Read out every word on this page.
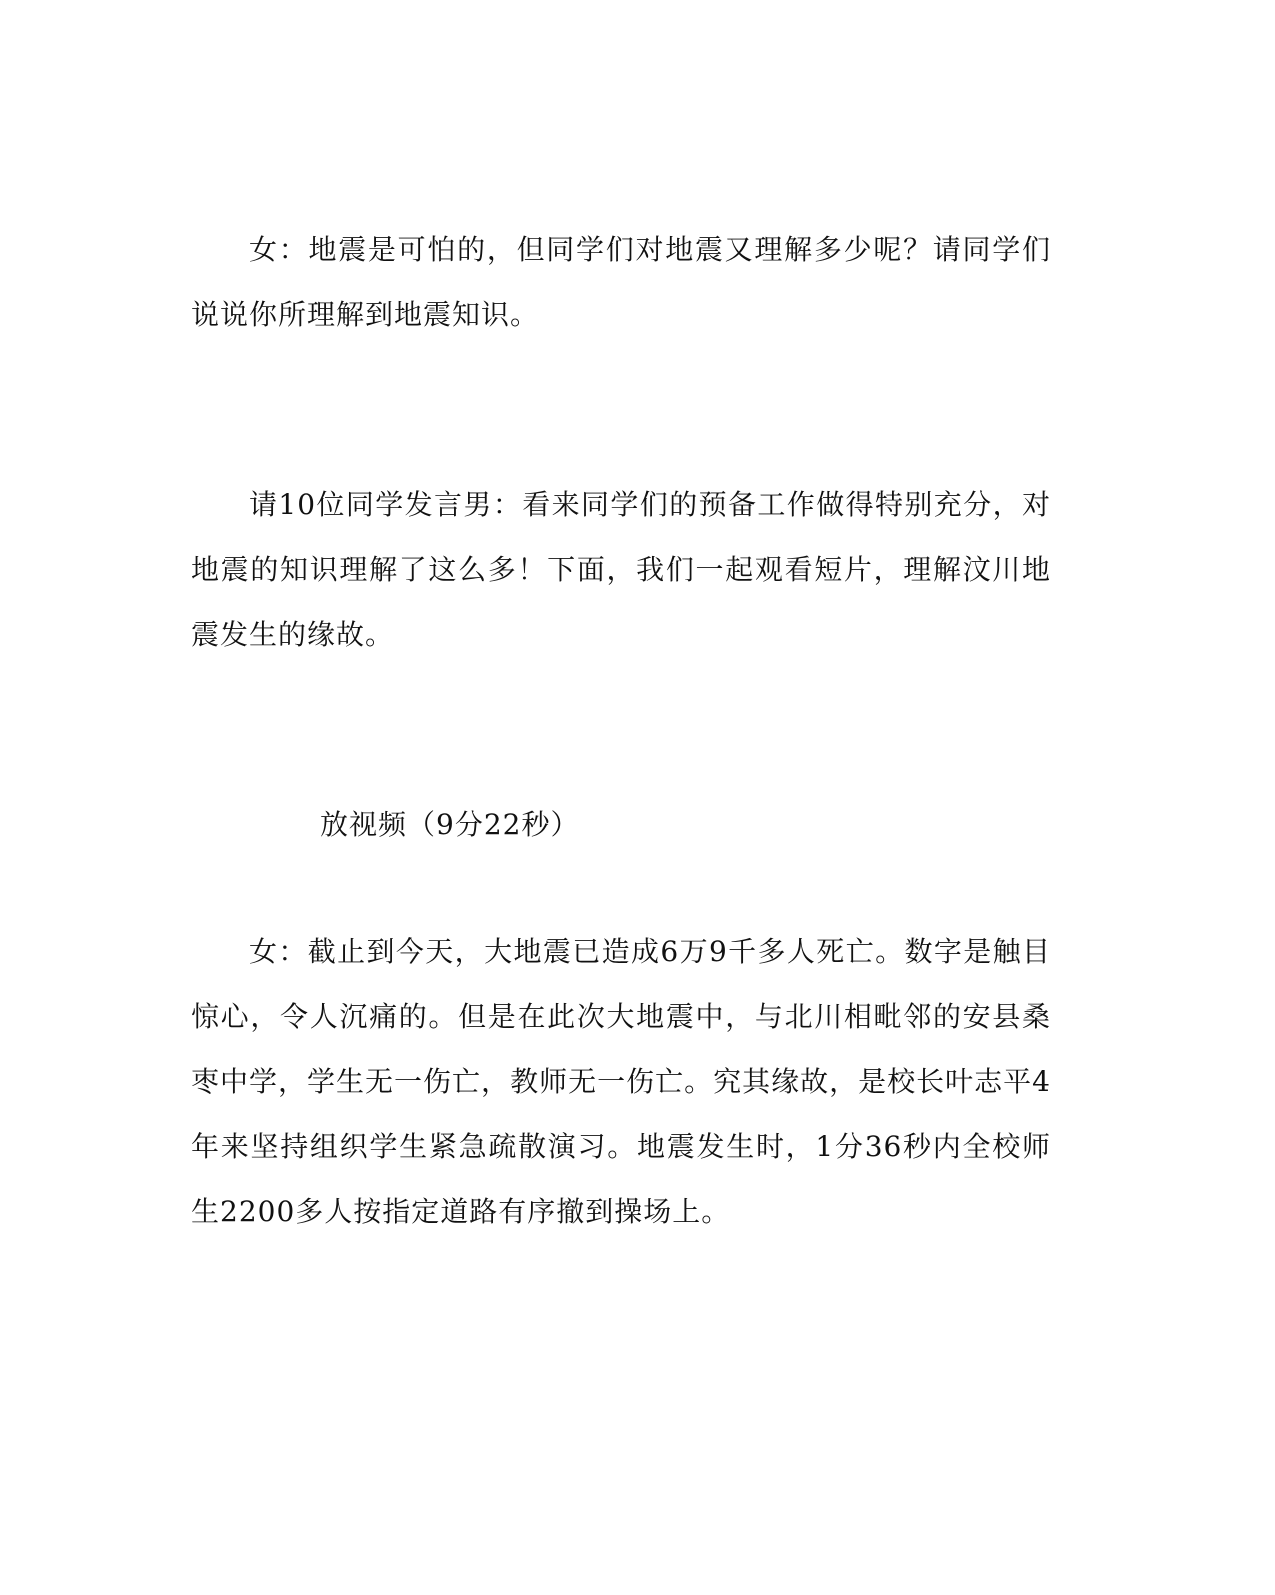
女：地震是可怕的，但同学们对地震又理解多少呢？请同学们说说你所理解到地震知识。

请10位同学发言男：看来同学们的预备工作做得特别充分，对地震的知识理解了这么多！下面，我们一起观看短片，理解汶川地震发生的缘故。

放视频（9分22秒）

女：截止到今天，大地震已造成6万9千多人死亡。数字是触目惊心，令人沉痛的。但是在此次大地震中，与北川相毗邻的安县桑枣中学，学生无一伤亡，教师无一伤亡。究其缘故，是校长叶志平4年来坚持组织学生紧急疏散演习。地震发生时，1分36秒内全校师生2200多人按指定道路有序撤到操场上。
